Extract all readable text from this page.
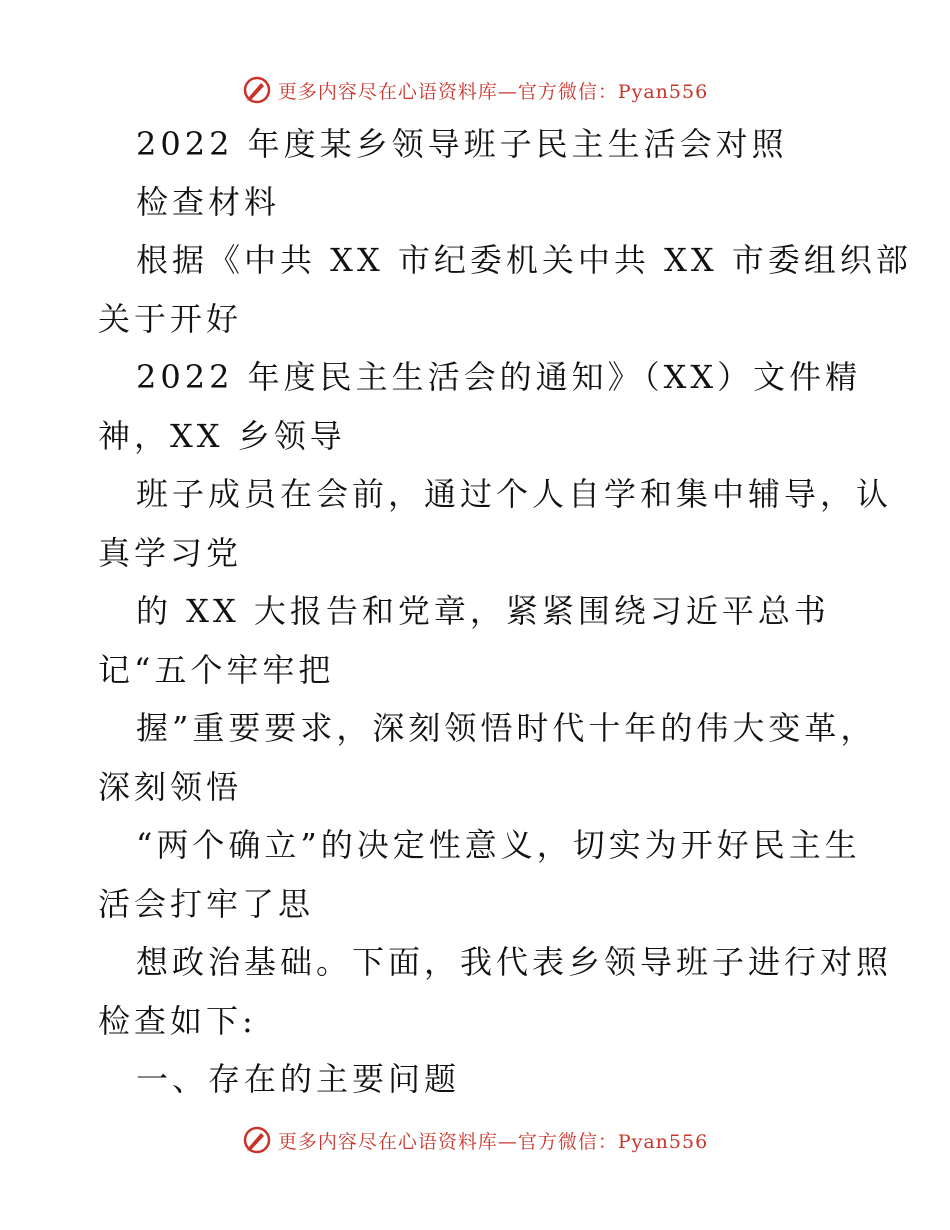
更多内容尽在心语资料库—官方微信：Pyan556
2022 年度某乡领导班子民主生活会对照
检查材料
根据《中共 XX 市纪委机关中共 XX 市委组织部
关于开好
2022 年度民主生活会的通知》（XX）文件精
神，XX 乡领导
班子成员在会前，通过个人自学和集中辅导，认
真学习党
的 XX 大报告和党章，紧紧围绕习近平总书
记“五个牢牢把
握”重要要求，深刻领悟时代十年的伟大变革，
深刻领悟
“两个确立”的决定性意义，切实为开好民主生
活会打牢了思
想政治基础。下面，我代表乡领导班子进行对照
检查如下:
一、存在的主要问题
更多内容尽在心语资料库—官方微信：Pyan556
